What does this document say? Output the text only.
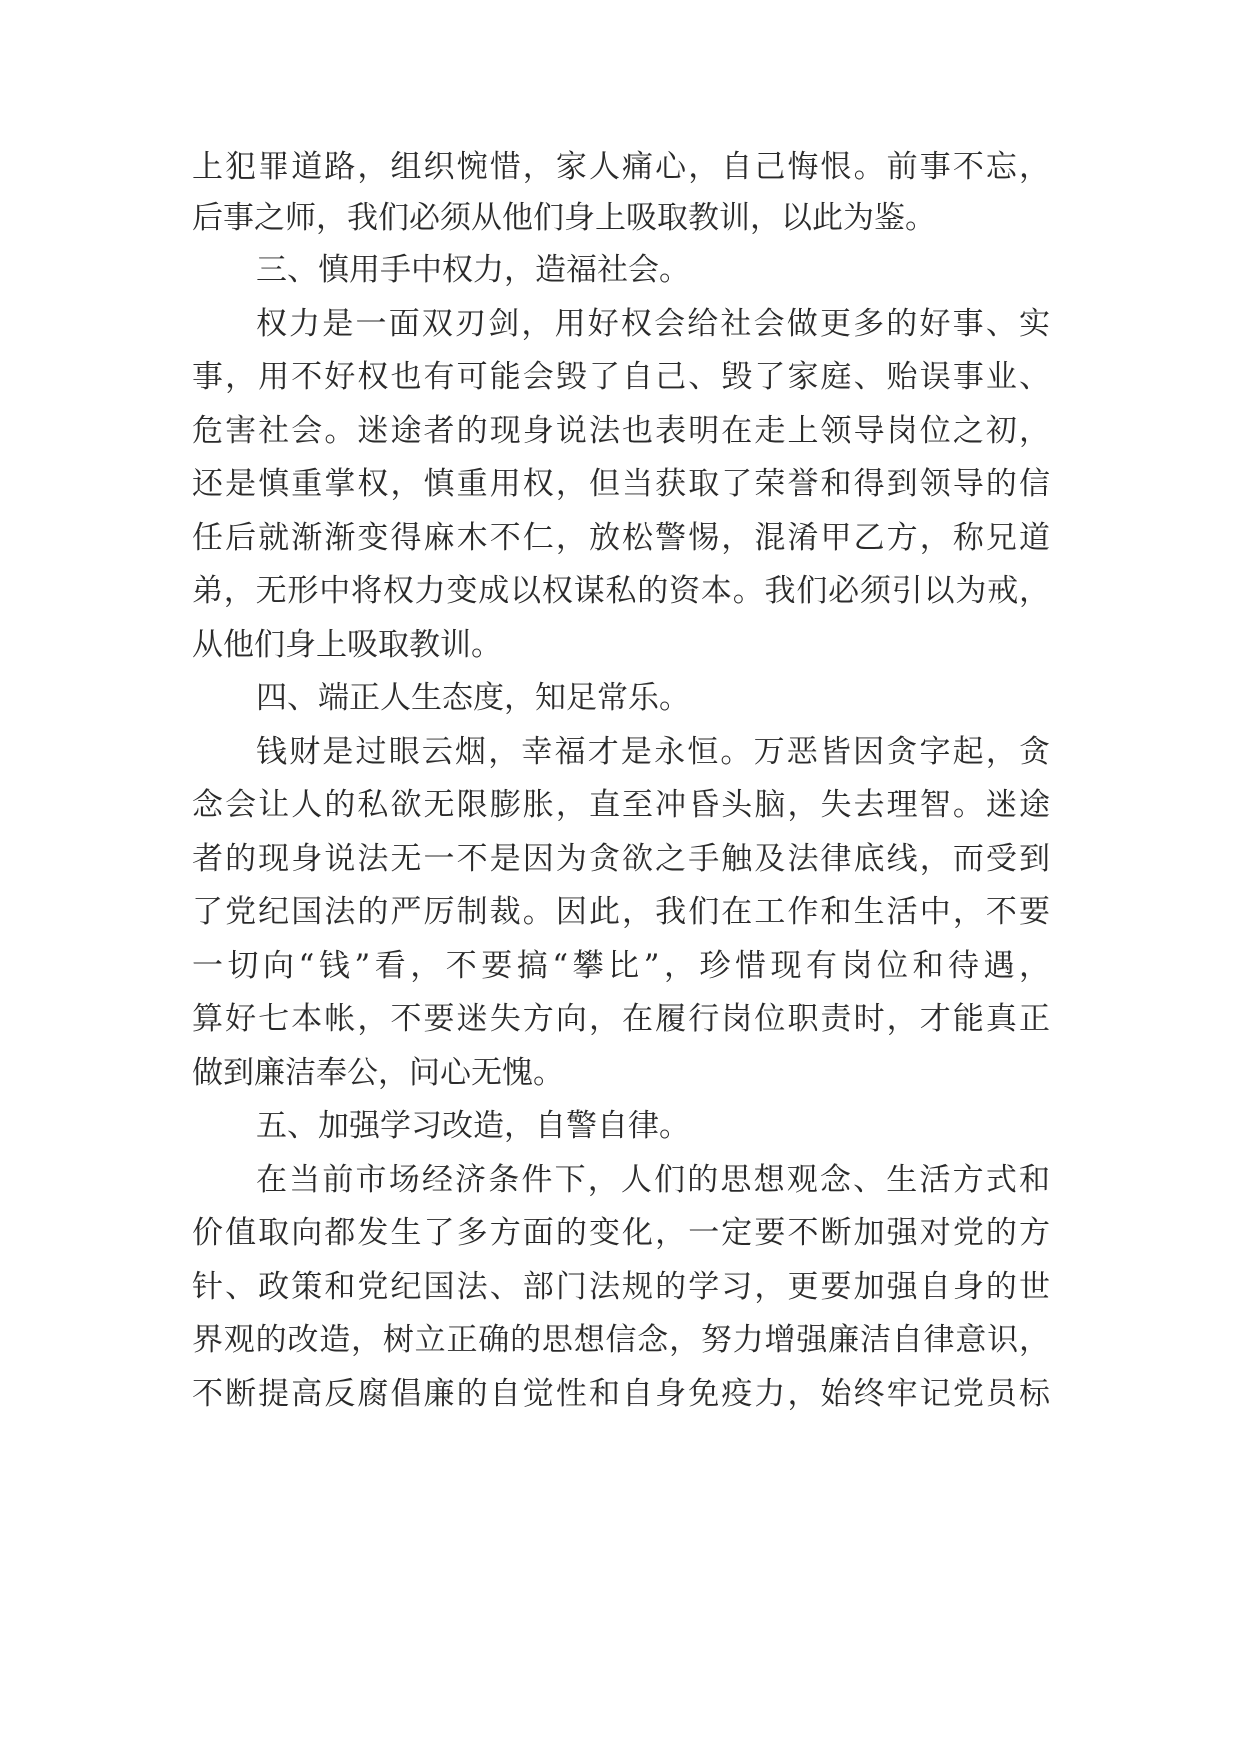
上犯罪道路，组织惋惜，家人痛心，自己悔恨。前事不忘，
后事之师，我们必须从他们身上吸取教训，以此为鉴。
三、慎用手中权力，造福社会。
权力是一面双刃剑，用好权会给社会做更多的好事、实
事，用不好权也有可能会毁了自己、毁了家庭、贻误事业、
危害社会。迷途者的现身说法也表明在走上领导岗位之初，
还是慎重掌权，慎重用权，但当获取了荣誉和得到领导的信
任后就渐渐变得麻木不仁，放松警惕，混淆甲乙方，称兄道
弟，无形中将权力变成以权谋私的资本。我们必须引以为戒，
从他们身上吸取教训。
四、端正人生态度，知足常乐。
钱财是过眼云烟，幸福才是永恒。万恶皆因贪字起，贪
念会让人的私欲无限膨胀，直至冲昏头脑，失去理智。迷途
者的现身说法无一不是因为贪欲之手触及法律底线，而受到
了党纪国法的严厉制裁。因此，我们在工作和生活中，不要
一切向“钱”看，不要搞“攀比”，珍惜现有岗位和待遇，
算好七本帐，不要迷失方向，在履行岗位职责时，才能真正
做到廉洁奉公，问心无愧。
五、加强学习改造，自警自律。
在当前市场经济条件下，人们的思想观念、生活方式和
价值取向都发生了多方面的变化，一定要不断加强对党的方
针、政策和党纪国法、部门法规的学习，更要加强自身的世
界观的改造，树立正确的思想信念，努力增强廉洁自律意识，
不断提高反腐倡廉的自觉性和自身免疫力，始终牢记党员标
